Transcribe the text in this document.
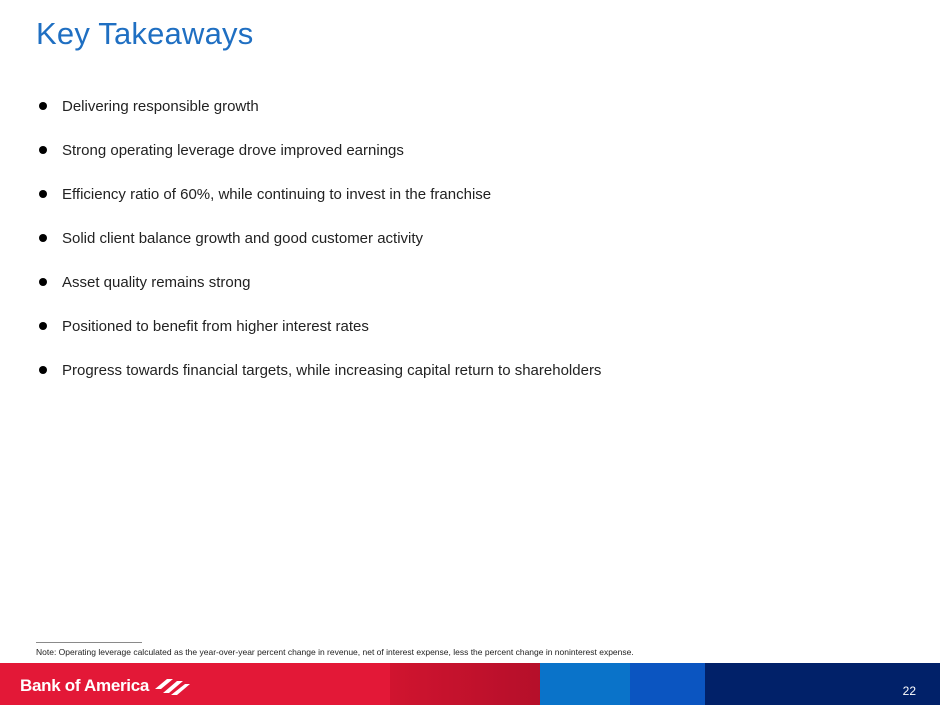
Key Takeaways
Delivering responsible growth
Strong operating leverage drove improved earnings
Efficiency ratio of 60%, while continuing to invest in the franchise
Solid client balance growth and good customer activity
Asset quality remains strong
Positioned to benefit from higher interest rates
Progress towards financial targets, while increasing capital return to shareholders
Note: Operating leverage calculated as the year-over-year percent change in revenue, net of interest expense, less the percent change in noninterest expense.
Bank of America	22
